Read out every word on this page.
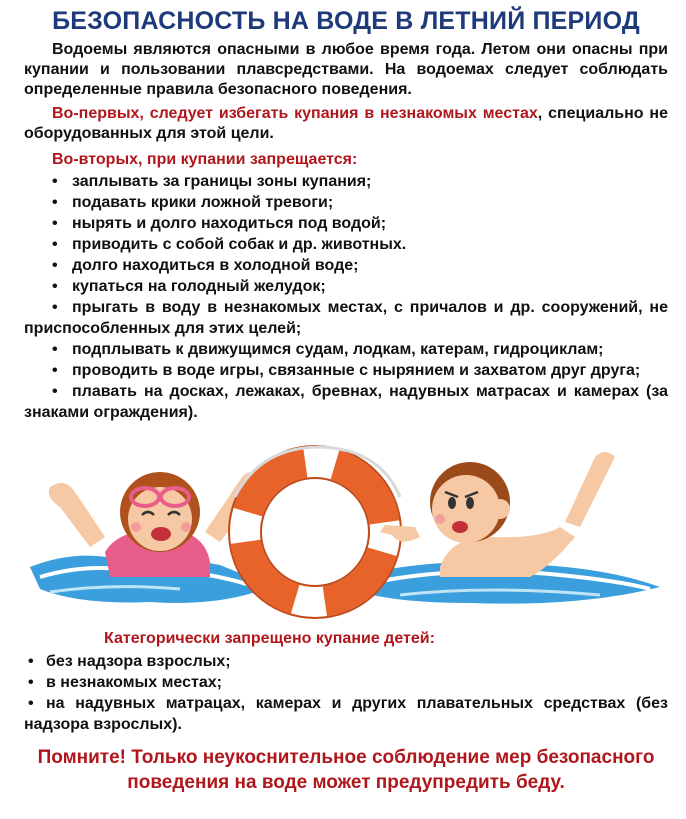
БЕЗОПАСНОСТЬ НА ВОДЕ В ЛЕТНИЙ ПЕРИОД

Водоемы являются опасными в любое время года. Летом они опасны при купании и пользовании плавсредствами. На водоемах следует соблюдать определенные правила безопасного поведения.

Во-первых, следует избегать купания в незнакомых местах, специально не оборудованных для этой цели.

Во-вторых, при купании запрещается:
• заплывать за границы зоны купания;
• подавать крики ложной тревоги;
• нырять и долго находиться под водой;
• приводить с собой собак и др. животных.
• долго находиться в холодной воде;
• купаться на голодный желудок;
• прыгать в воду в незнакомых местах, с причалов и др. сооружений, не приспособленных для этих целей;
• подплывать к движущимся судам, лодкам, катерам, гидроциклам;
• проводить в воде игры, связанные с нырянием и захватом друг друга;
• плавать на досках, лежаках, бревнах, надувных матрасах и камерах (за знаками ограждения).
Категорически запрещено купание детей:
• без надзора взрослых;
• в незнакомых местах;
• на надувных матрацах, камерах и других плавательных средствах (без надзора взрослых).
Помните! Только неукоснительное соблюдение мер безопасного поведения на воде может предупредить беду.
